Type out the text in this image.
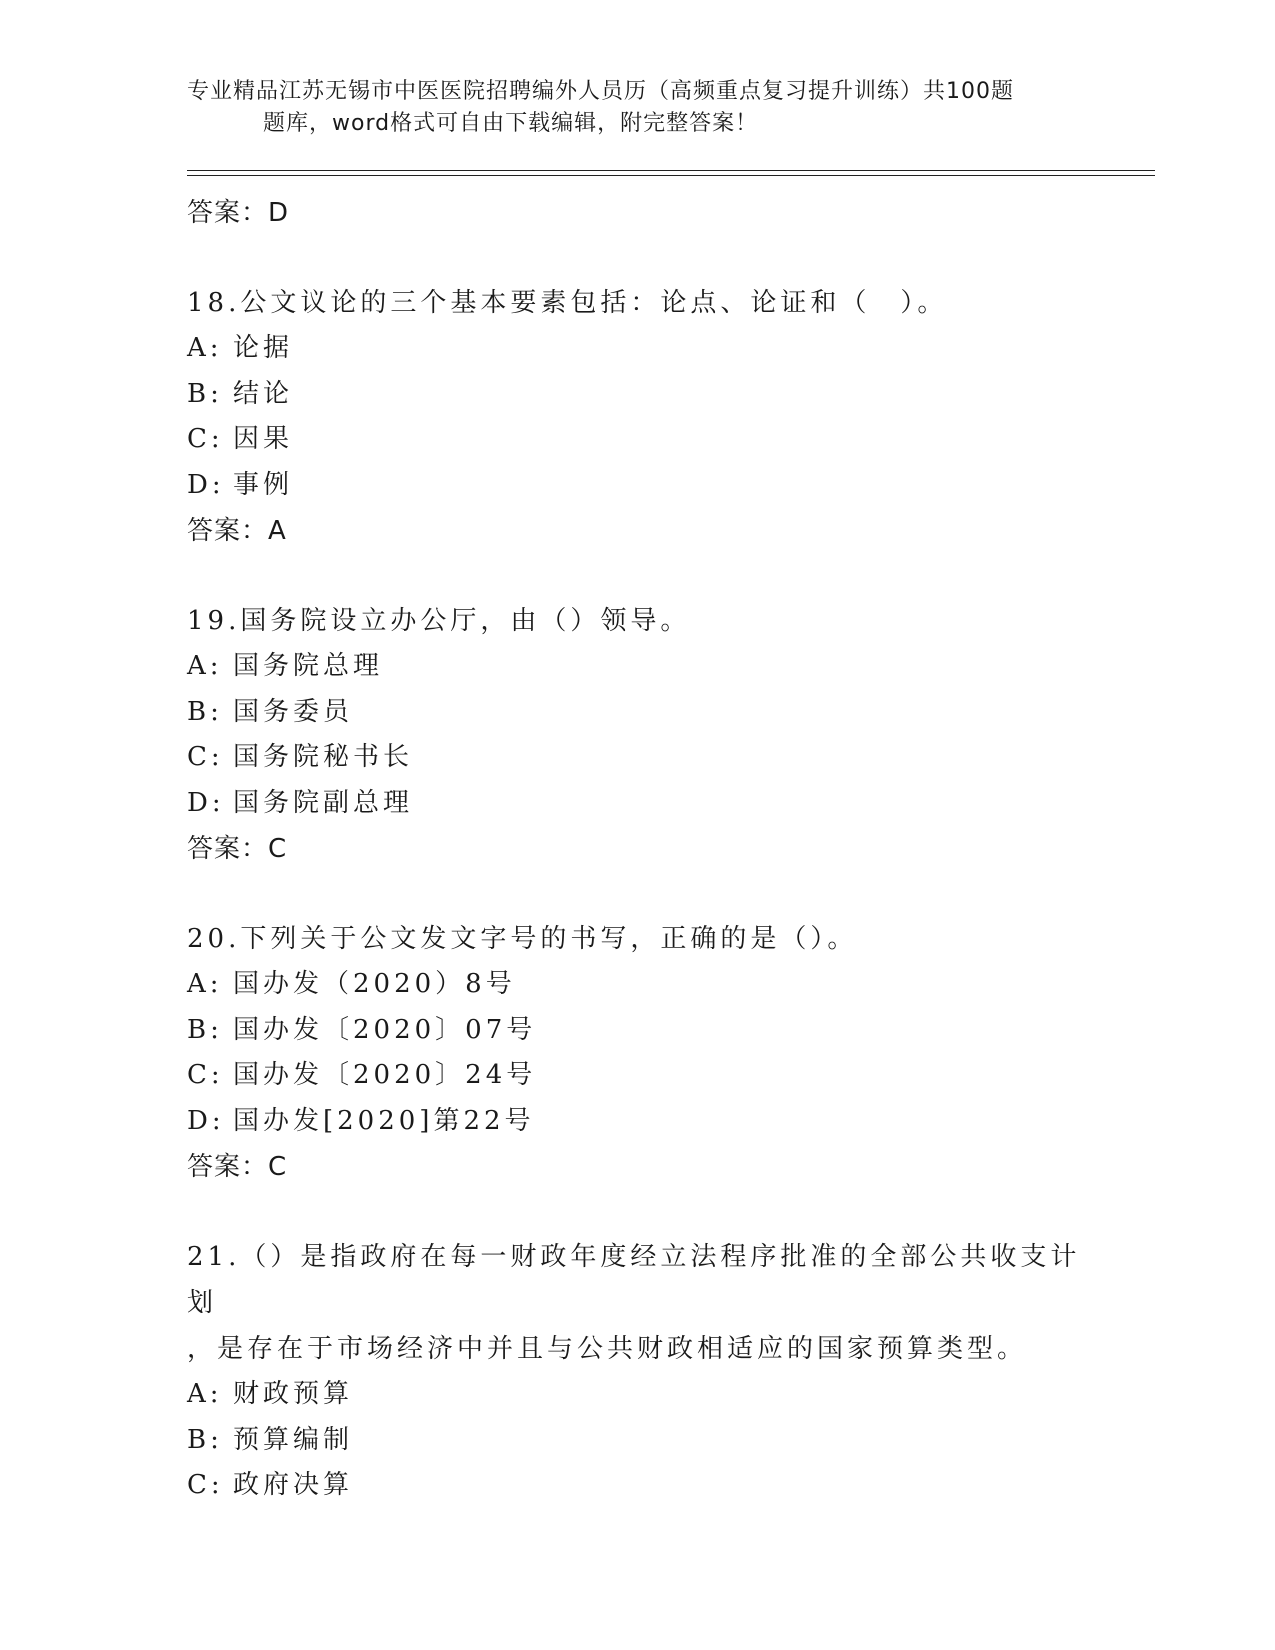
专业精品江苏无锡市中医医院招聘编外人员历（高频重点复习提升训练）共100题
题库，word格式可自由下载编辑，附完整答案！
答案：D
18.公文议论的三个基本要素包括：论点、论证和（　）。
A: 论据
B: 结论
C: 因果
D: 事例
答案：A
19.国务院设立办公厅，由（）领导。
A: 国务院总理
B: 国务委员
C: 国务院秘书长
D: 国务院副总理
答案：C
20.下列关于公文发文字号的书写，正确的是（）。
A: 国办发（2020）8号
B: 国办发〔2020〕07号
C: 国办发〔2020〕24号
D: 国办发[2020]第22号
答案：C
21.（）是指政府在每一财政年度经立法程序批准的全部公共收支计划
，是存在于市场经济中并且与公共财政相适应的国家预算类型。
A: 财政预算
B: 预算编制
C: 政府决算
